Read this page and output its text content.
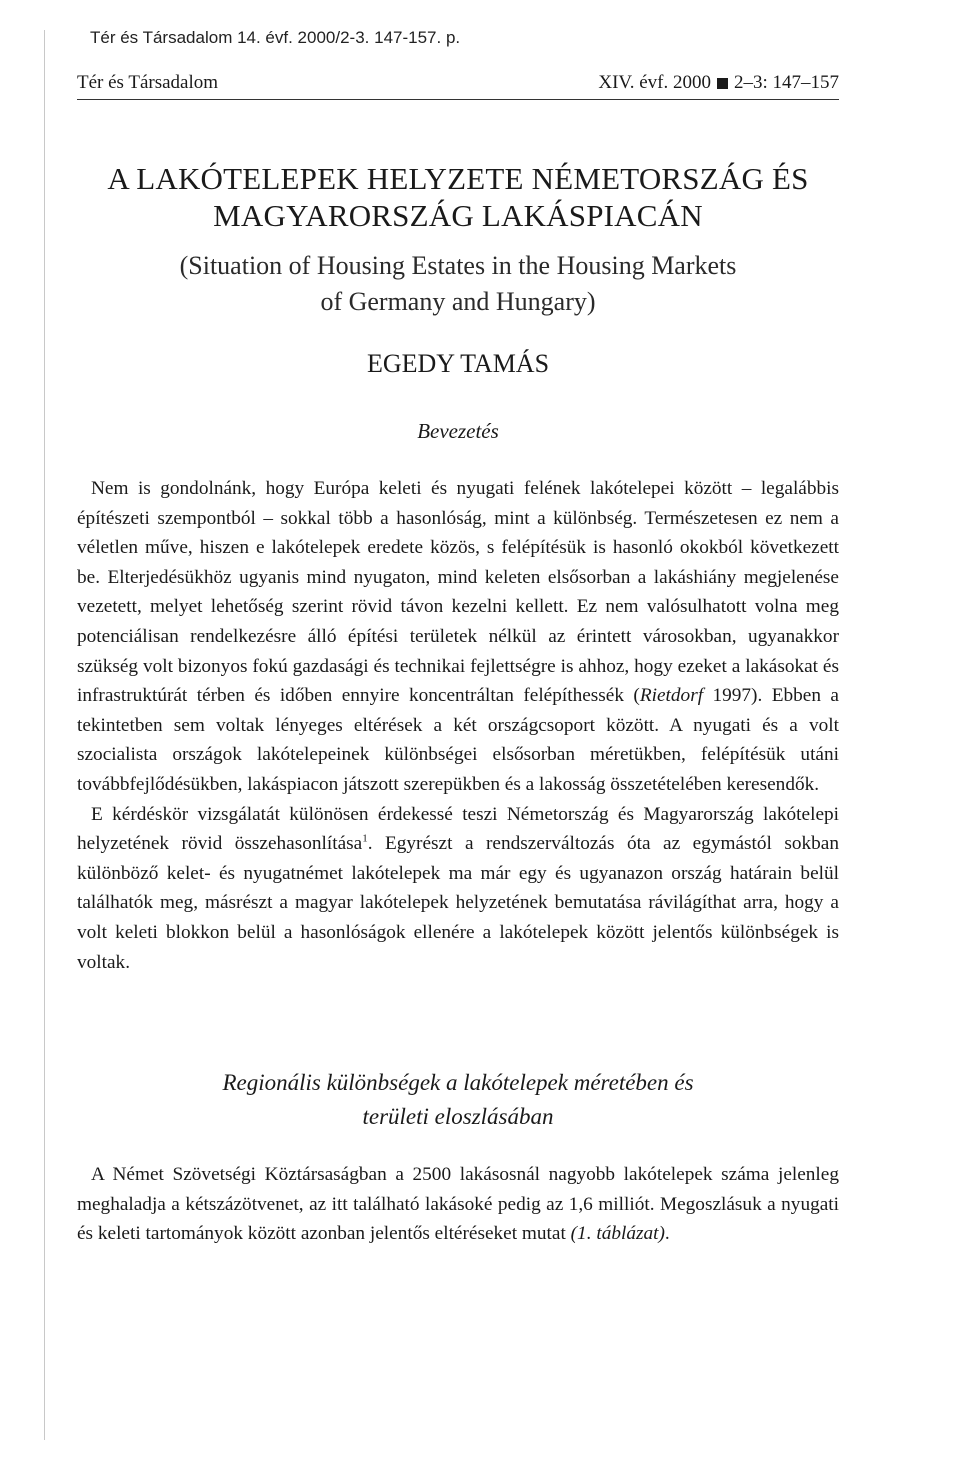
Tér és Társadalom 14. évf. 2000/2-3. 147-157. p.
Tér és Társadalom	XIV. évf. 2000 2–3: 147–157
A LAKÓTELEPEK HELYZETE NÉMETORSZÁG ÉS
MAGYARORSZÁG LAKÁSPIACÁN
(Situation of Housing Estates in the Housing Markets
of Germany and Hungary)
EGEDY TAMÁS
Bevezetés

Nem is gondolnánk, hogy Európa keleti és nyugati felének lakótelepei között – legalábbis építészeti szempontból – sokkal több a hasonlóság, mint a különbség. Természetesen ez nem a véletlen műve, hiszen e lakótelepek eredete közös, s felépítésük is hasonló okokból következett be. Elterjedésükhöz ugyanis mind nyugaton, mind keleten elsősorban a lakáshiány megjelenése vezetett, melyet lehetőség szerint rövid távon kezelni kellett. Ez nem valósulhatott volna meg potenciálisan rendelkezésre álló építési területek nélkül az érintett városokban, ugyanakkor szükség volt bizonyos fokú gazdasági és technikai fejlettségre is ahhoz, hogy ezeket a lakásokat és infrastruktúrát térben és időben ennyire koncentráltan felépíthessék (Rietdorf 1997). Ebben a tekintetben sem voltak lényeges eltérések a két országcsoport között. A nyugati és a volt szocialista országok lakótelepeinek különbségei elsősorban méretükben, felépítésük utáni továbbfejlődésükben, lakáspiacon játszott szerepükben és a lakosság összetételében keresendők.

E kérdéskör vizsgálatát különösen érdekessé teszi Németország és Magyarország lakótelepi helyzetének rövid összehasonlítása$^1$. Egyrészt a rendszerváltozás óta az egymástól sokban különböző kelet- és nyugatnémet lakótelepek ma már egy és ugyanazon ország határain belül találhatók meg, másrészt a magyar lakótelepek helyzetének bemutatása rávilágíthat arra, hogy a volt keleti blokkon belül a hasonlóságok ellenére a lakótelepek között jelentős különbségek is voltak.

Regionális különbségek a lakótelepek méretében és
területi eloszlásában

A Német Szövetségi Köztársaságban a 2500 lakásosnál nagyobb lakótelepek száma jelenleg meghaladja a kétszázötvenet, az itt található lakásoké pedig az 1,6 milliót. Megoszlásuk a nyugati és keleti tartományok között azonban jelentős eltéréseket mutat (1. táblázat).
